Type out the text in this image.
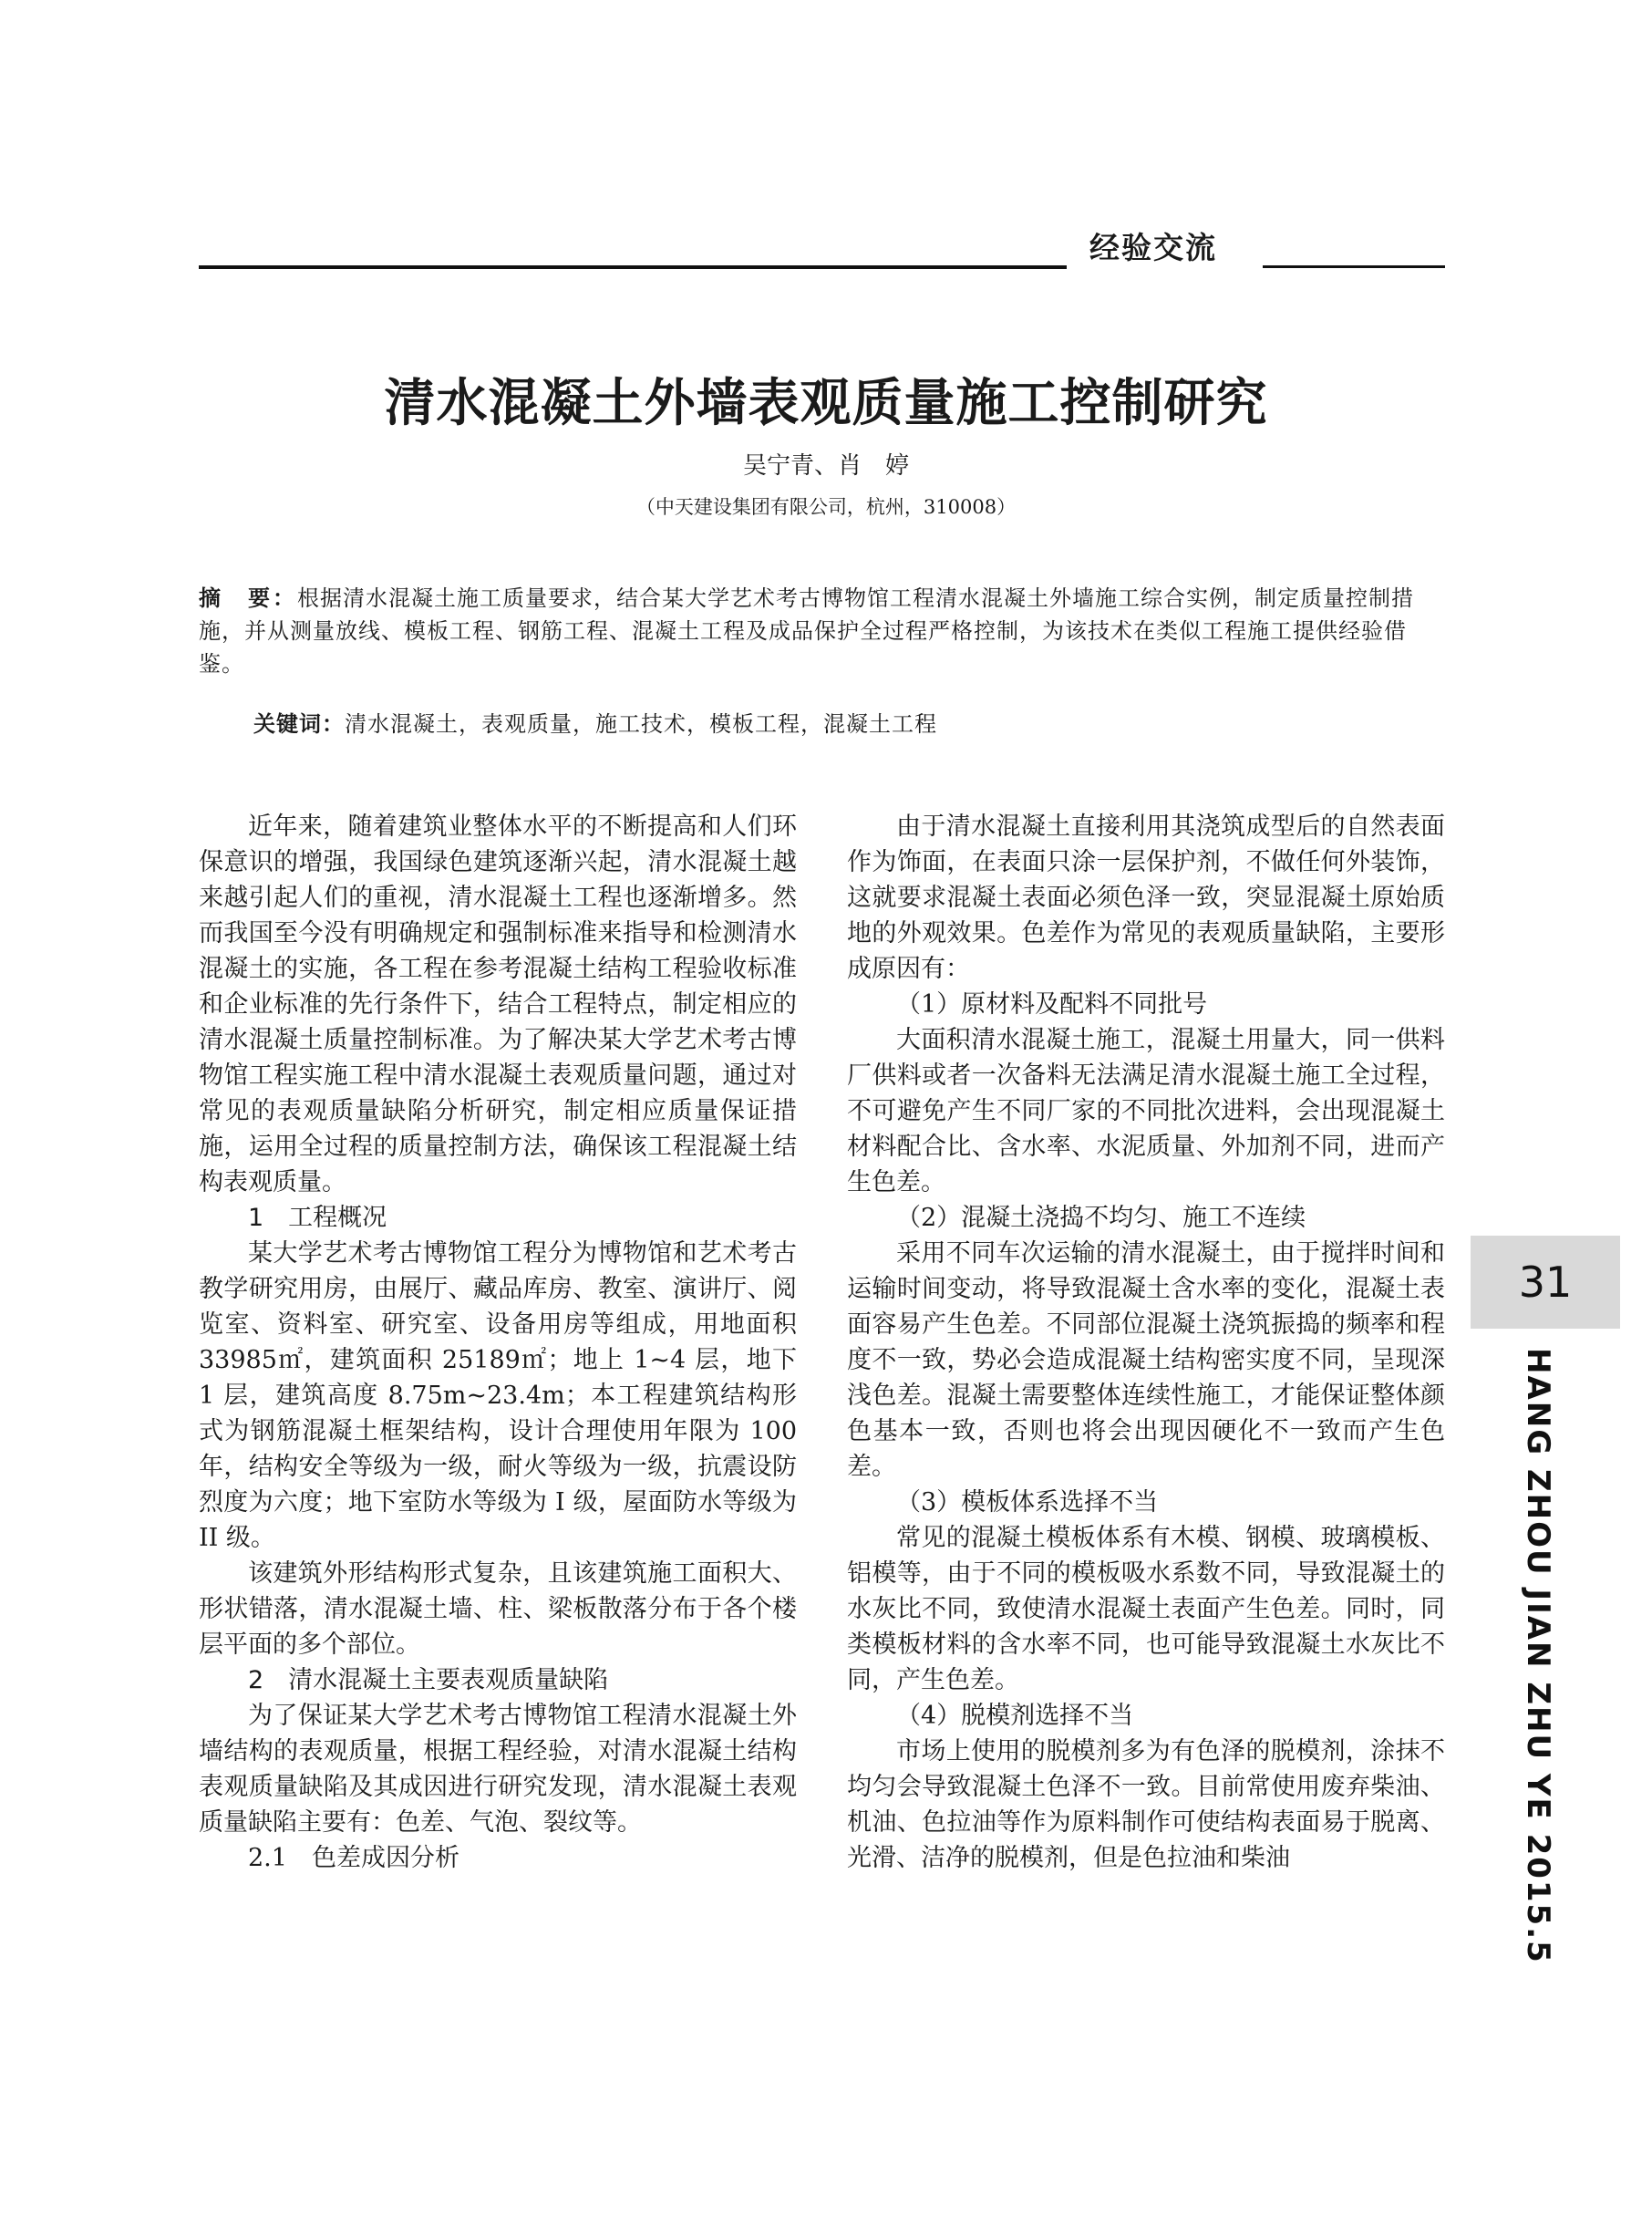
经验交流
清水混凝土外墙表观质量施工控制研究
吴宁青、肖　婷
（中天建设集团有限公司，杭州，310008）
摘　要：根据清水混凝土施工质量要求，结合某大学艺术考古博物馆工程清水混凝土外墙施工综合实例，制定质量控制措施，并从测量放线、模板工程、钢筋工程、混凝土工程及成品保护全过程严格控制，为该技术在类似工程施工提供经验借鉴。
关键词：清水混凝土，表观质量，施工技术，模板工程，混凝土工程

近年来，随着建筑业整体水平的不断提高和人们环保意识的增强，我国绿色建筑逐渐兴起，清水混凝土越来越引起人们的重视，清水混凝土工程也逐渐增多。然而我国至今没有明确规定和强制标准来指导和检测清水混凝土的实施，各工程在参考混凝土结构工程验收标准和企业标准的先行条件下，结合工程特点，制定相应的清水混凝土质量控制标准。为了解决某大学艺术考古博物馆工程实施工程中清水混凝土表观质量问题，通过对常见的表观质量缺陷分析研究，制定相应质量保证措施，运用全过程的质量控制方法，确保该工程混凝土结构表观质量。

1　工程概况

某大学艺术考古博物馆工程分为博物馆和艺术考古教学研究用房，由展厅、藏品库房、教室、演讲厅、阅览室、资料室、研究室、设备用房等组成，用地面积 33985㎡，建筑面积 25189㎡；地上 1~4 层，地下 1 层，建筑高度 8.75m~23.4m；本工程建筑结构形式为钢筋混凝土框架结构，设计合理使用年限为 100 年，结构安全等级为一级，耐火等级为一级，抗震设防烈度为六度；地下室防水等级为 I 级，屋面防水等级为 II 级。

该建筑外形结构形式复杂，且该建筑施工面积大、形状错落，清水混凝土墙、柱、梁板散落分布于各个楼层平面的多个部位。

2　清水混凝土主要表观质量缺陷

为了保证某大学艺术考古博物馆工程清水混凝土外墙结构的表观质量，根据工程经验，对清水混凝土结构表观质量缺陷及其成因进行研究发现，清水混凝土表观质量缺陷主要有：色差、气泡、裂纹等。

2.1　色差成因分析

由于清水混凝土直接利用其浇筑成型后的自然表面作为饰面，在表面只涂一层保护剂，不做任何外装饰，这就要求混凝土表面必须色泽一致，突显混凝土原始质地的外观效果。色差作为常见的表观质量缺陷，主要形成原因有：

（1）原材料及配料不同批号

大面积清水混凝土施工，混凝土用量大，同一供料厂供料或者一次备料无法满足清水混凝土施工全过程，不可避免产生不同厂家的不同批次进料，会出现混凝土材料配合比、含水率、水泥质量、外加剂不同，进而产生色差。

（2）混凝土浇捣不均匀、施工不连续

采用不同车次运输的清水混凝土，由于搅拌时间和运输时间变动，将导致混凝土含水率的变化，混凝土表面容易产生色差。不同部位混凝土浇筑振捣的频率和程度不一致，势必会造成混凝土结构密实度不同，呈现深浅色差。混凝土需要整体连续性施工，才能保证整体颜色基本一致，否则也将会出现因硬化不一致而产生色差。

（3）模板体系选择不当

常见的混凝土模板体系有木模、钢模、玻璃模板、铝模等，由于不同的模板吸水系数不同，导致混凝土的水灰比不同，致使清水混凝土表面产生色差。同时，同类模板材料的含水率不同，也可能导致混凝土水灰比不同，产生色差。

（4）脱模剂选择不当

市场上使用的脱模剂多为有色泽的脱模剂，涂抹不均匀会导致混凝土色泽不一致。目前常使用废弃柴油、机油、色拉油等作为原料制作可使结构表面易于脱离、光滑、洁净的脱模剂，但是色拉油和柴油

31
HANG ZHOU JIAN ZHU YE 2015.5
